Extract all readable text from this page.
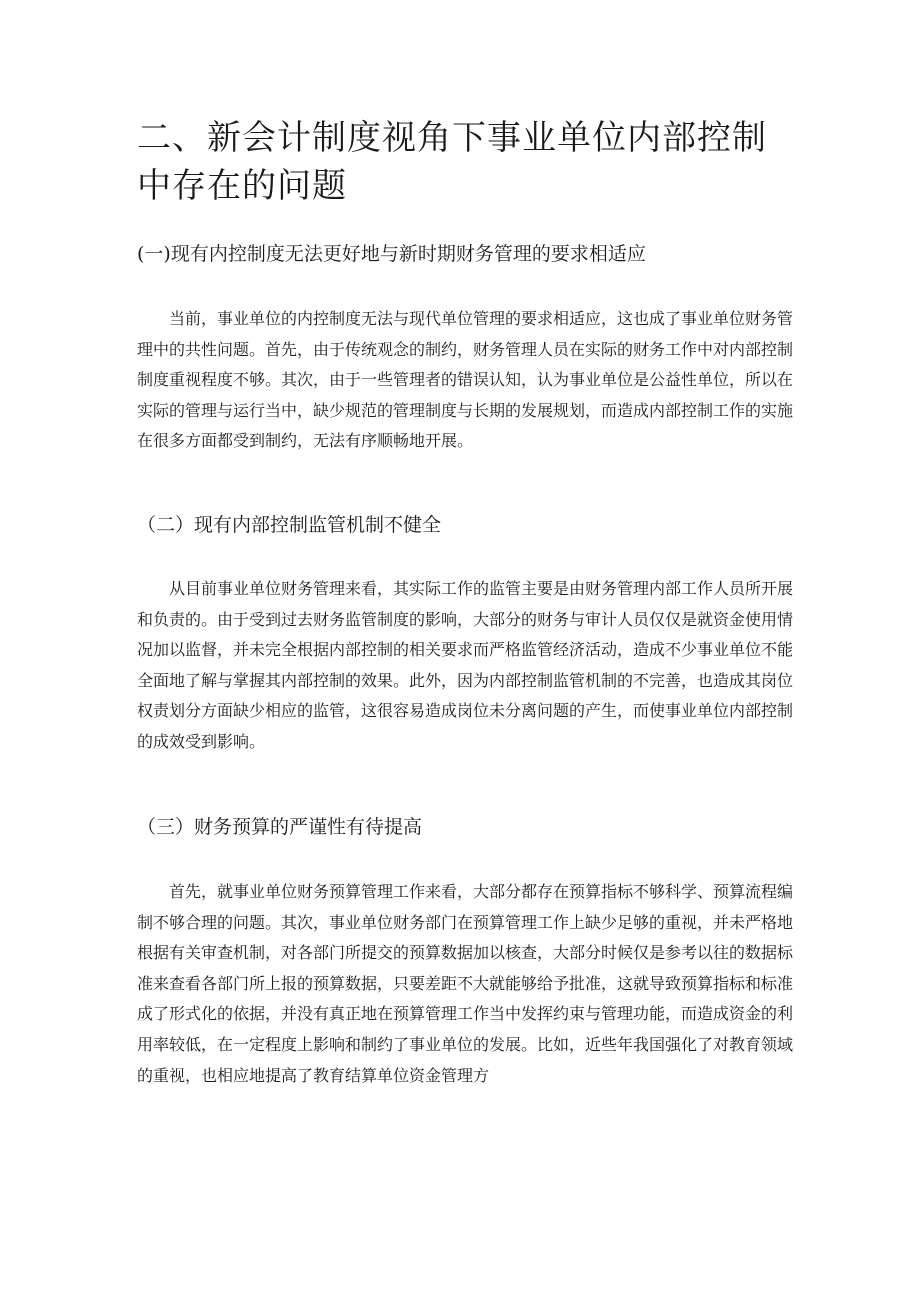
二、新会计制度视角下事业单位内部控制中存在的问题
(一)现有内控制度无法更好地与新时期财务管理的要求相适应

当前，事业单位的内控制度无法与现代单位管理的要求相适应，这也成了事业单位财务管理中的共性问题。首先，由于传统观念的制约，财务管理人员在实际的财务工作中对内部控制制度重视程度不够。其次，由于一些管理者的错误认知，认为事业单位是公益性单位，所以在实际的管理与运行当中，缺少规范的管理制度与长期的发展规划，而造成内部控制工作的实施在很多方面都受到制约，无法有序顺畅地开展。

（二）现有内部控制监管机制不健全

从目前事业单位财务管理来看，其实际工作的监管主要是由财务管理内部工作人员所开展和负责的。由于受到过去财务监管制度的影响，大部分的财务与审计人员仅仅是就资金使用情况加以监督，并未完全根据内部控制的相关要求而严格监管经济活动，造成不少事业单位不能全面地了解与掌握其内部控制的效果。此外，因为内部控制监管机制的不完善，也造成其岗位权责划分方面缺少相应的监管，这很容易造成岗位未分离问题的产生，而使事业单位内部控制的成效受到影响。

（三）财务预算的严谨性有待提高

首先，就事业单位财务预算管理工作来看，大部分都存在预算指标不够科学、预算流程编制不够合理的问题。其次，事业单位财务部门在预算管理工作上缺少足够的重视，并未严格地根据有关审查机制，对各部门所提交的预算数据加以核查，大部分时候仅是参考以往的数据标准来查看各部门所上报的预算数据，只要差距不大就能够给予批准，这就导致预算指标和标准成了形式化的依据，并没有真正地在预算管理工作当中发挥约束与管理功能，而造成资金的利用率较低，在一定程度上影响和制约了事业单位的发展。比如，近些年我国强化了对教育领域的重视，也相应地提高了教育结算单位资金管理方
